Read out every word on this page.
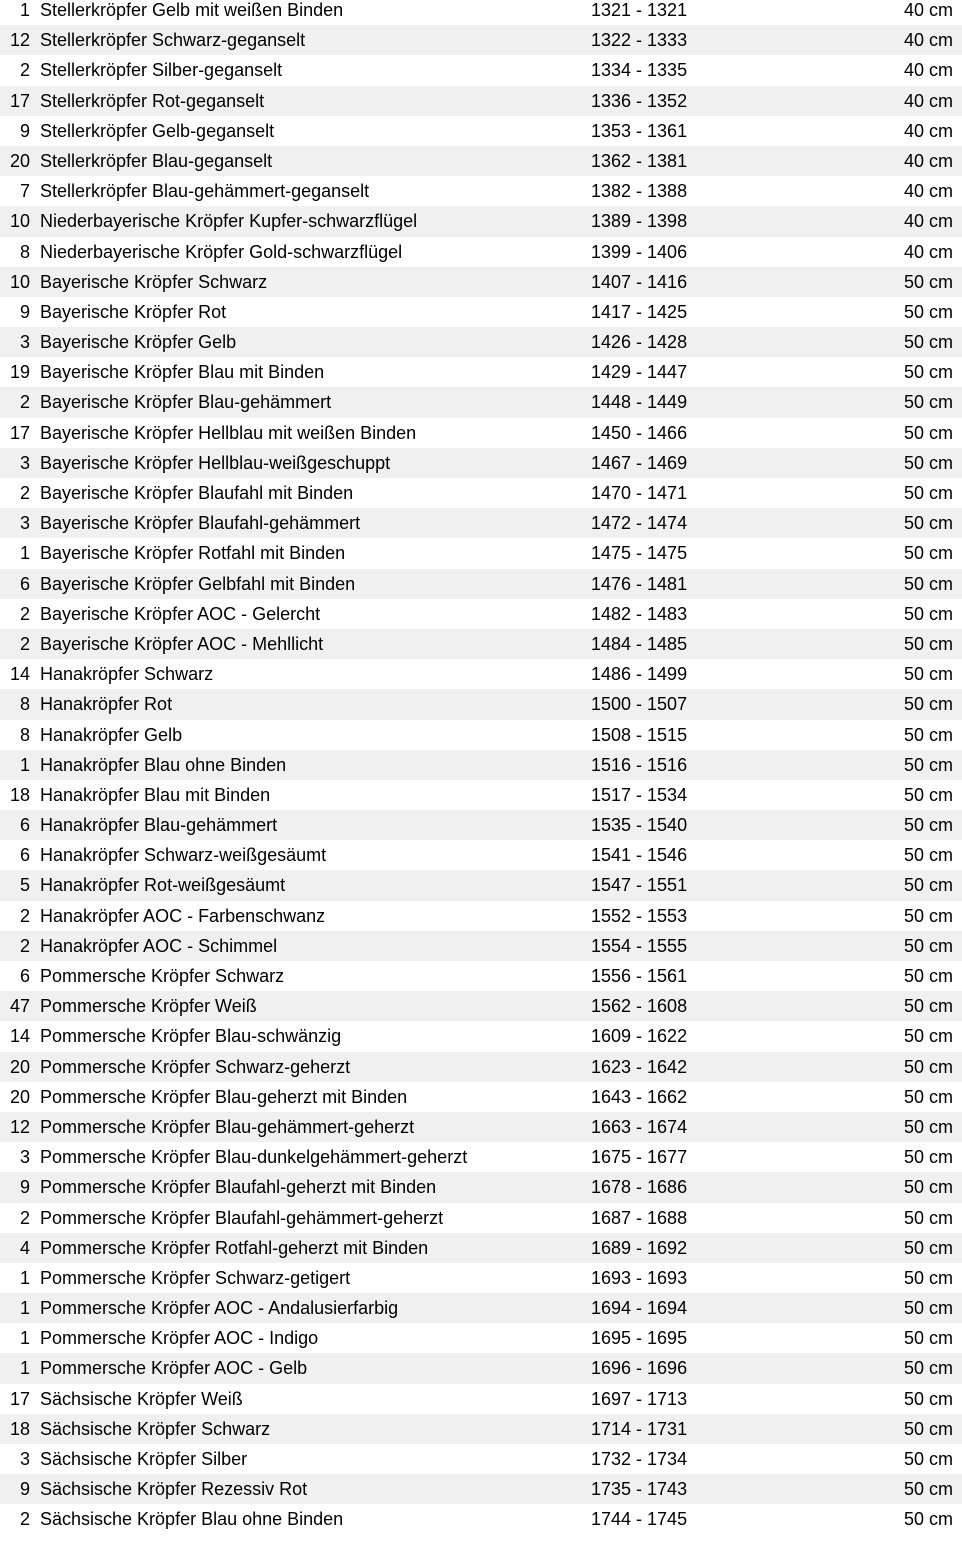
1 Stellerkröpfer Gelb mit weißen Binden	1321 - 1321	40 cm
12 Stellerkröpfer Schwarz-geganselt	1322 - 1333	40 cm
2 Stellerkröpfer Silber-geganselt	1334 - 1335	40 cm
17 Stellerkröpfer Rot-geganselt	1336 - 1352	40 cm
9 Stellerkröpfer Gelb-geganselt	1353 - 1361	40 cm
20 Stellerkröpfer Blau-geganselt	1362 - 1381	40 cm
7 Stellerkröpfer Blau-gehämmert-geganselt	1382 - 1388	40 cm
10 Niederbayerische Kröpfer Kupfer-schwarzflügel	1389 - 1398	40 cm
8 Niederbayerische Kröpfer Gold-schwarzflügel	1399 - 1406	40 cm
10 Bayerische Kröpfer Schwarz	1407 - 1416	50 cm
9 Bayerische Kröpfer Rot	1417 - 1425	50 cm
3 Bayerische Kröpfer Gelb	1426 - 1428	50 cm
19 Bayerische Kröpfer Blau mit Binden	1429 - 1447	50 cm
2 Bayerische Kröpfer Blau-gehämmert	1448 - 1449	50 cm
17 Bayerische Kröpfer Hellblau mit weißen Binden	1450 - 1466	50 cm
3 Bayerische Kröpfer Hellblau-weißgeschuppt	1467 - 1469	50 cm
2 Bayerische Kröpfer Blaufahl mit Binden	1470 - 1471	50 cm
3 Bayerische Kröpfer Blaufahl-gehämmert	1472 - 1474	50 cm
1 Bayerische Kröpfer Rotfahl mit Binden	1475 - 1475	50 cm
6 Bayerische Kröpfer Gelbfahl mit Binden	1476 - 1481	50 cm
2 Bayerische Kröpfer AOC - Gelercht	1482 - 1483	50 cm
2 Bayerische Kröpfer AOC - Mehllicht	1484 - 1485	50 cm
14 Hanakröpfer Schwarz	1486 - 1499	50 cm
8 Hanakröpfer Rot	1500 - 1507	50 cm
8 Hanakröpfer Gelb	1508 - 1515	50 cm
1 Hanakröpfer Blau ohne Binden	1516 - 1516	50 cm
18 Hanakröpfer Blau mit Binden	1517 - 1534	50 cm
6 Hanakröpfer Blau-gehämmert	1535 - 1540	50 cm
6 Hanakröpfer Schwarz-weißgesäumt	1541 - 1546	50 cm
5 Hanakröpfer Rot-weißgesäumt	1547 - 1551	50 cm
2 Hanakröpfer AOC - Farbenschwanz	1552 - 1553	50 cm
2 Hanakröpfer AOC - Schimmel	1554 - 1555	50 cm
6 Pommersche Kröpfer Schwarz	1556 - 1561	50 cm
47 Pommersche Kröpfer Weiß	1562 - 1608	50 cm
14 Pommersche Kröpfer Blau-schwänzig	1609 - 1622	50 cm
20 Pommersche Kröpfer Schwarz-geherzt	1623 - 1642	50 cm
20 Pommersche Kröpfer Blau-geherzt mit Binden	1643 - 1662	50 cm
12 Pommersche Kröpfer Blau-gehämmert-geherzt	1663 - 1674	50 cm
3 Pommersche Kröpfer Blau-dunkelgehämmert-geherzt	1675 - 1677	50 cm
9 Pommersche Kröpfer Blaufahl-geherzt mit Binden	1678 - 1686	50 cm
2 Pommersche Kröpfer Blaufahl-gehämmert-geherzt	1687 - 1688	50 cm
4 Pommersche Kröpfer Rotfahl-geherzt mit Binden	1689 - 1692	50 cm
1 Pommersche Kröpfer Schwarz-getigert	1693 - 1693	50 cm
1 Pommersche Kröpfer AOC - Andalusierfarbig	1694 - 1694	50 cm
1 Pommersche Kröpfer AOC - Indigo	1695 - 1695	50 cm
1 Pommersche Kröpfer AOC - Gelb	1696 - 1696	50 cm
17 Sächsische Kröpfer Weiß	1697 - 1713	50 cm
18 Sächsische Kröpfer Schwarz	1714 - 1731	50 cm
3 Sächsische Kröpfer Silber	1732 - 1734	50 cm
9 Sächsische Kröpfer Rezessiv Rot	1735 - 1743	50 cm
2 Sächsische Kröpfer Blau ohne Binden	1744 - 1745	50 cm
